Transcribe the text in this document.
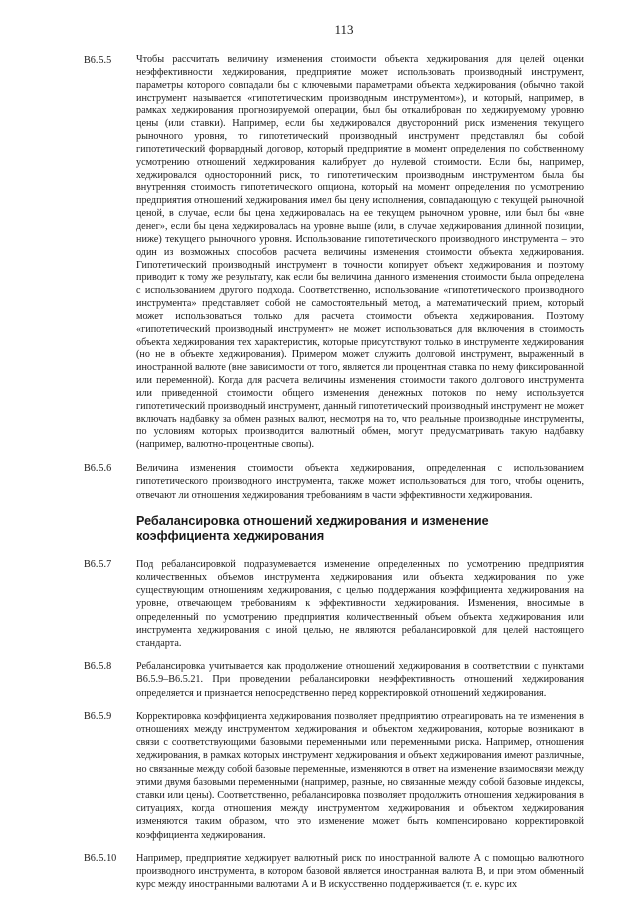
113
B6.5.5	Чтобы рассчитать величину изменения стоимости объекта хеджирования для целей оценки неэффективности хеджирования, предприятие может использовать производный инструмент, параметры которого совпадали бы с ключевыми параметрами объекта хеджирования (обычно такой инструмент называется «гипотетическим производным инструментом»), и который, например, в рамках хеджирования прогнозируемой операции, был бы откалиброван по хеджируемому уровню цены (или ставки). Например, если бы хеджировался двусторонний риск изменения текущего рыночного уровня, то гипотетический производный инструмент представлял бы собой гипотетический форвардный договор, который предприятие в момент определения по собственному усмотрению отношений хеджирования калибрует до нулевой стоимости. Если бы, например, хеджировался односторонний риск, то гипотетическим производным инструментом была бы внутренняя стоимость гипотетического опциона, который на момент определения по усмотрению предприятия отношений хеджирования имел бы цену исполнения, совпадающую с текущей рыночной ценой, в случае, если бы цена хеджировалась на ее текущем рыночном уровне, или был бы «вне денег», если бы цена хеджировалась на уровне выше (или, в случае хеджирования длинной позиции, ниже) текущего рыночного уровня. Использование гипотетического производного инструмента – это один из возможных способов расчета величины изменения стоимости объекта хеджирования. Гипотетический производный инструмент в точности копирует объект хеджирования и поэтому приводит к тому же результату, как если бы величина данного изменения стоимости была определена с использованием другого подхода. Соответственно, использование «гипотетического производного инструмента» представляет собой не самостоятельный метод, а математический прием, который может использоваться только для расчета стоимости объекта хеджирования. Поэтому «гипотетический производный инструмент» не может использоваться для включения в стоимость объекта хеджирования тех характеристик, которые присутствуют только в инструменте хеджирования (но не в объекте хеджирования). Примером может служить долговой инструмент, выраженный в иностранной валюте (вне зависимости от того, является ли процентная ставка по нему фиксированной или переменной). Когда для расчета величины изменения стоимости такого долгового инструмента или приведенной стоимости общего изменения денежных потоков по нему используется гипотетический производный инструмент, данный гипотетический производный инструмент не может включать надбавку за обмен разных валют, несмотря на то, что реальные производные инструменты, по условиям которых производится валютный обмен, могут предусматривать такую надбавку (например, валютно-процентные свопы).
B6.5.6	Величина изменения стоимости объекта хеджирования, определенная с использованием гипотетического производного инструмента, также может использоваться для того, чтобы оценить, отвечают ли отношения хеджирования требованиям в части эффективности хеджирования.
Ребалансировка отношений хеджирования и изменение коэффициента хеджирования
B6.5.7	Под ребалансировкой подразумевается изменение определенных по усмотрению предприятия количественных объемов инструмента хеджирования или объекта хеджирования по уже существующим отношениям хеджирования, с целью поддержания коэффициента хеджирования на уровне, отвечающем требованиям к эффективности хеджирования. Изменения, вносимые в определенный по усмотрению предприятия количественный объем объекта хеджирования или инструмента хеджирования с иной целью, не являются ребалансировкой для целей настоящего стандарта.
B6.5.8	Ребалансировка учитывается как продолжение отношений хеджирования в соответствии с пунктами B6.5.9–B6.5.21. При проведении ребалансировки неэффективность отношений хеджирования определяется и признается непосредственно перед корректировкой отношений хеджирования.
B6.5.9	Корректировка коэффициента хеджирования позволяет предприятию отреагировать на те изменения в отношениях между инструментом хеджирования и объектом хеджирования, которые возникают в связи с соответствующими базовыми переменными или переменными риска. Например, отношения хеджирования, в рамках которых инструмент хеджирования и объект хеджирования имеют различные, но связанные между собой базовые переменные, изменяются в ответ на изменение взаимосвязи между этими двумя базовыми переменными (например, разные, но связанные между собой базовые индексы, ставки или цены). Соответственно, ребалансировка позволяет продолжить отношения хеджирования в ситуациях, когда отношения между инструментом хеджирования и объектом хеджирования изменяются таким образом, что это изменение может быть компенсировано корректировкой коэффициента хеджирования.
B6.5.10	Например, предприятие хеджирует валютный риск по иностранной валюте А с помощью валютного производного инструмента, в котором базовой является иностранная валюта В, и при этом обменный курс между иностранными валютами А и В искусственно поддерживается (т. е. курс их
